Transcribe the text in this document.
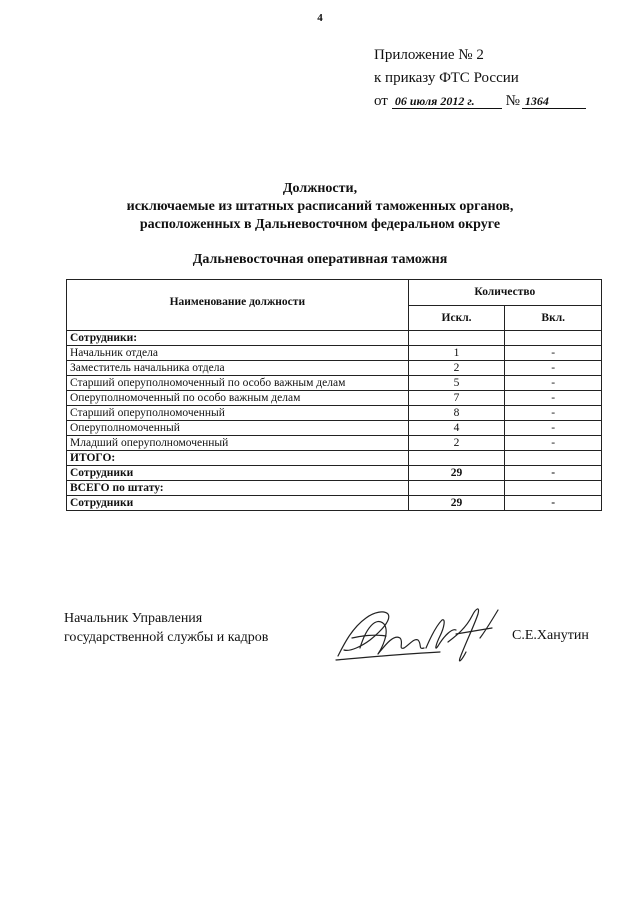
4
Приложение № 2
к приказу ФТС России
от 06 июля 2012 г. № 1364
Должности,
исключаемые из штатных расписаний таможенных органов,
расположенных в Дальневосточном федеральном округе
Дальневосточная оперативная таможня
Наименование должности	Количество	
	Искл.	Вкл.
Сотрудники:		
Начальник отдела	1	-
Заместитель начальника отдела	2	-
Старший оперуполномоченный по особо важным делам	5	-
Оперуполномоченный по особо важным делам	7	-
Старший оперуполномоченный	8	-
Оперуполномоченный	4	-
Младший оперуполномоченный	2	-
ИТОГО:		
Сотрудники	29	-
ВСЕГО по штату:		
Сотрудники	29	-
Начальник Управления
государственной службы и кадров	С.Е.Ханутин
